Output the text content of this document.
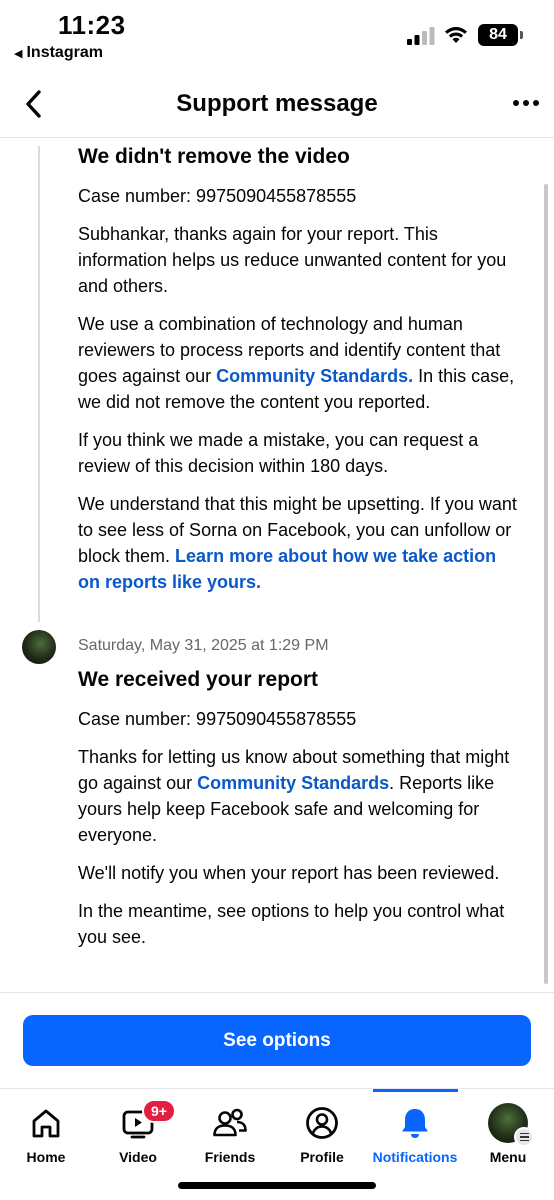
11:23
◀ Instagram
84
Support message
We didn't remove the video

Case number: 9975090455878555

Subhankar, thanks again for your report. This information helps us reduce unwanted content for you and others.

We use a combination of technology and human reviewers to process reports and identify content that goes against our Community Standards. In this case, we did not remove the content you reported.

If you think we made a mistake, you can request a review of this decision within 180 days.

We understand that this might be upsetting. If you want to see less of Sorna on Facebook, you can unfollow or block them. Learn more about how we take action on reports like yours.

Saturday, May 31, 2025 at 1:29 PM
We received your report

Case number: 9975090455878555

Thanks for letting us know about something that might go against our Community Standards. Reports like yours help keep Facebook safe and welcoming for everyone.

We'll notify you when your report has been reviewed.

In the meantime, see options to help you control what you see.

See options
Home
9+
Video	Friends	Profile Notifications Menu
